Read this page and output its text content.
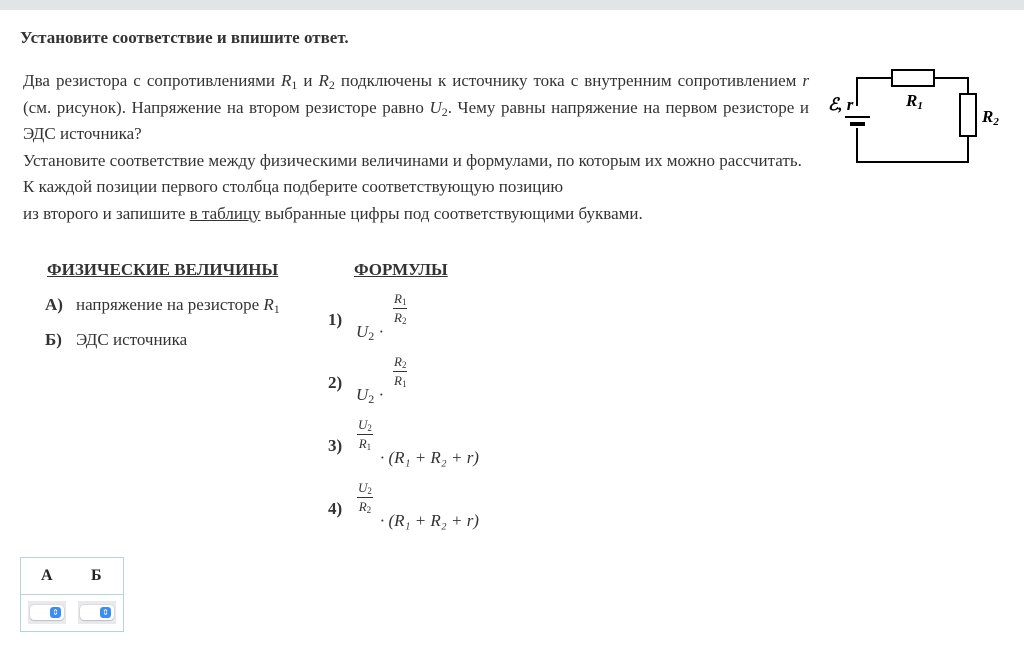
Установите соответствие и впишите ответ.

Два резистора с сопротивлениями $R_1$ и $R_2$ подключены к источнику тока с внутренним сопротивлением r (см. рисунок). Напряжение на втором резисторе равно $U_2$. Чему равны напряжение на первом резисторе и ЭДС источника?

Установите соответствие между физическими величинами и формулами, по которым их можно рассчитать.

К каждой позиции первого столбца подберите соответствующую позицию

из второго и запишите в таблицу выбранные цифры под соответствующими буквами.

ℰ, r	R1
R2
ФИЗИЧЕСКИЕ ВЕЛИЧИНЫ	ФОРМУЛЫ
А) напряжение на резисторе $R_1$
Б) ЭДС источника
1)
$U_2$ ·
$\frac{R_1}{R_2}$
2)
$U_2$ ·
$\frac{R_2}{R_1}$
$3) \frac{U_2}{R_1}$
· (R₁ + R₂ + r)
$4) \frac{U_2}{R_2}$
· (R₁ + R₂ + r)
А Б
⇕	⇕
